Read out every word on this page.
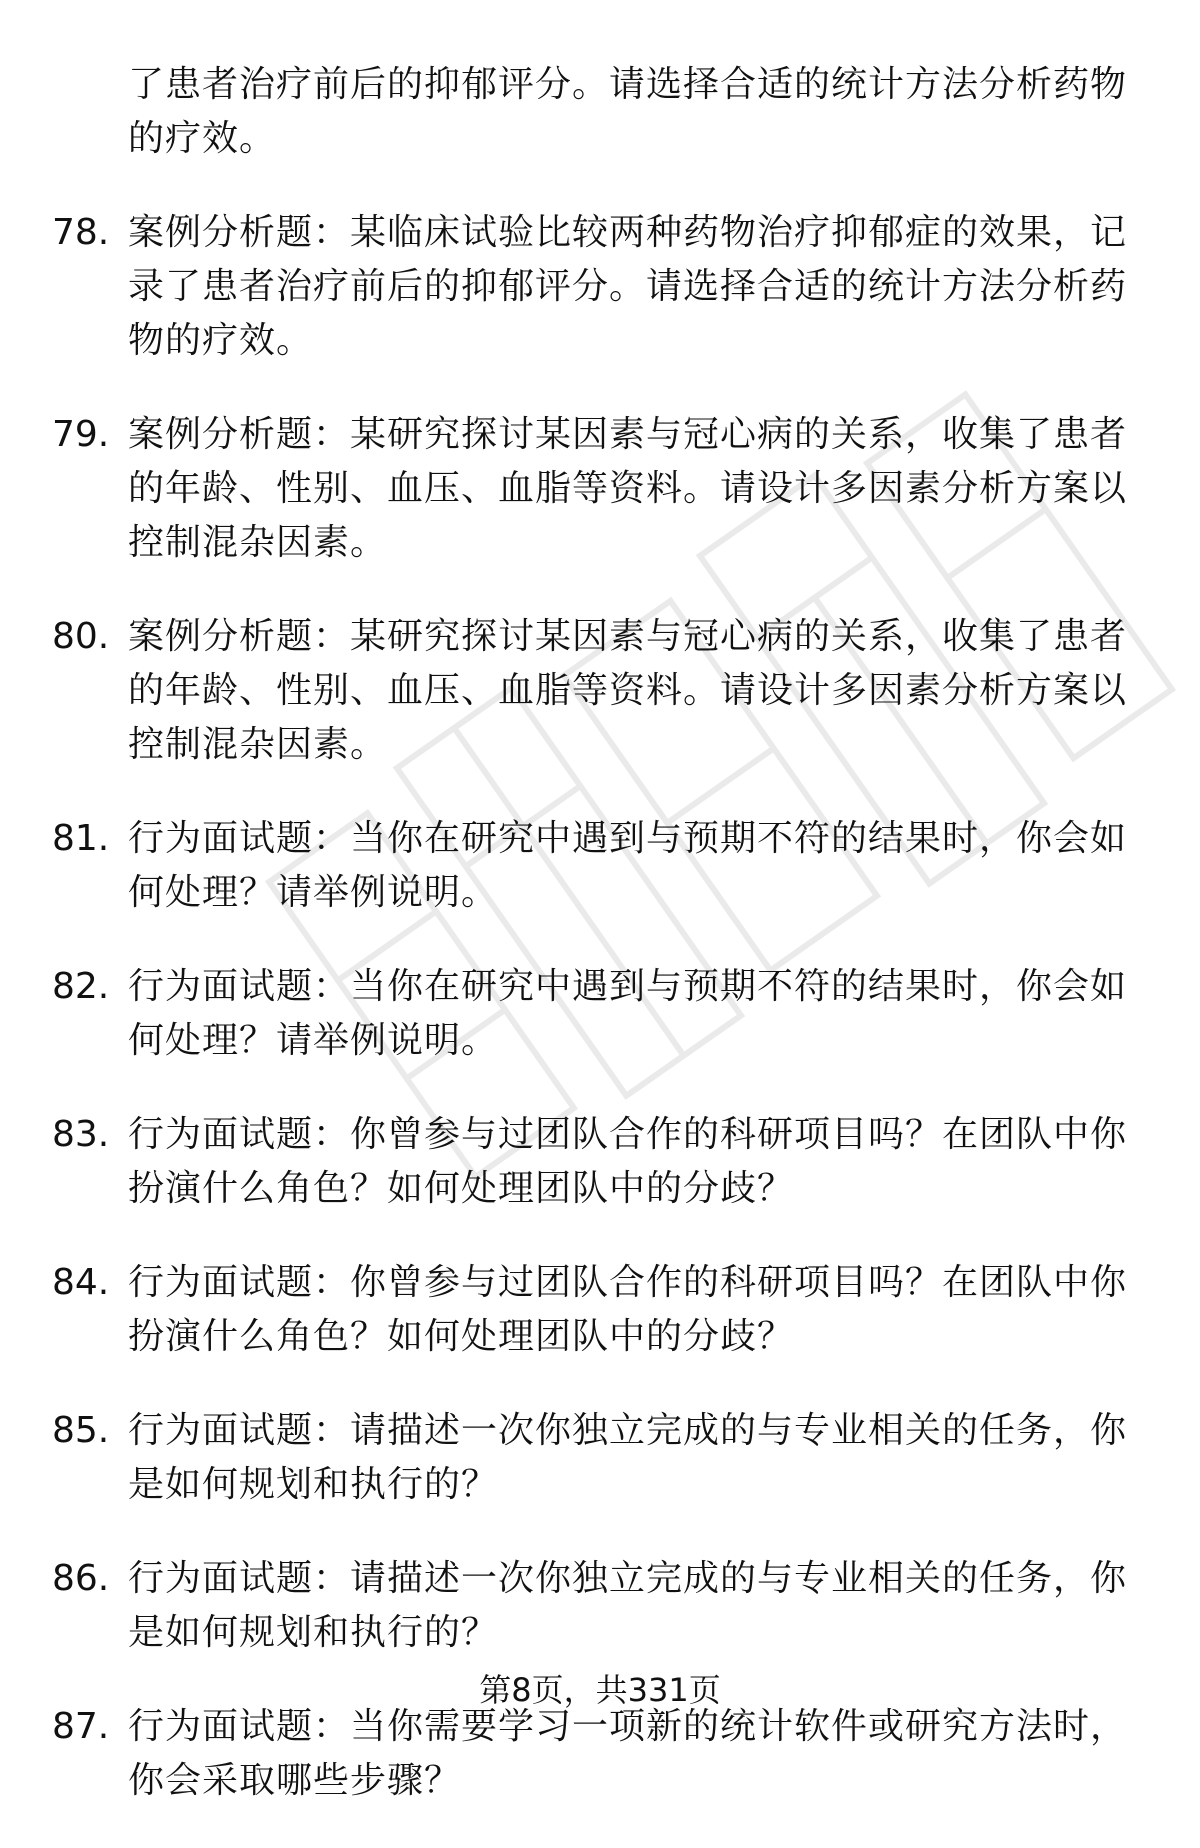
了患者治疗前后的抑郁评分。请选择合适的统计方法分析药物的疗效。
78. 案例分析题：某临床试验比较两种药物治疗抑郁症的效果，记录了患者治疗前后的抑郁评分。请选择合适的统计方法分析药物的疗效。
79. 案例分析题：某研究探讨某因素与冠心病的关系，收集了患者的年龄、性别、血压、血脂等资料。请设计多因素分析方案以控制混杂因素。
80. 案例分析题：某研究探讨某因素与冠心病的关系，收集了患者的年龄、性别、血压、血脂等资料。请设计多因素分析方案以控制混杂因素。
81. 行为面试题：当你在研究中遇到与预期不符的结果时，你会如何处理？请举例说明。
82. 行为面试题：当你在研究中遇到与预期不符的结果时，你会如何处理？请举例说明。
83. 行为面试题：你曾参与过团队合作的科研项目吗？在团队中你扮演什么角色？如何处理团队中的分歧？
84. 行为面试题：你曾参与过团队合作的科研项目吗？在团队中你扮演什么角色？如何处理团队中的分歧？
85. 行为面试题：请描述一次你独立完成的与专业相关的任务，你是如何规划和执行的？
86. 行为面试题：请描述一次你独立完成的与专业相关的任务，你是如何规划和执行的？
87. 行为面试题：当你需要学习一项新的统计软件或研究方法时，你会采取哪些步骤？
第8页，共331页
